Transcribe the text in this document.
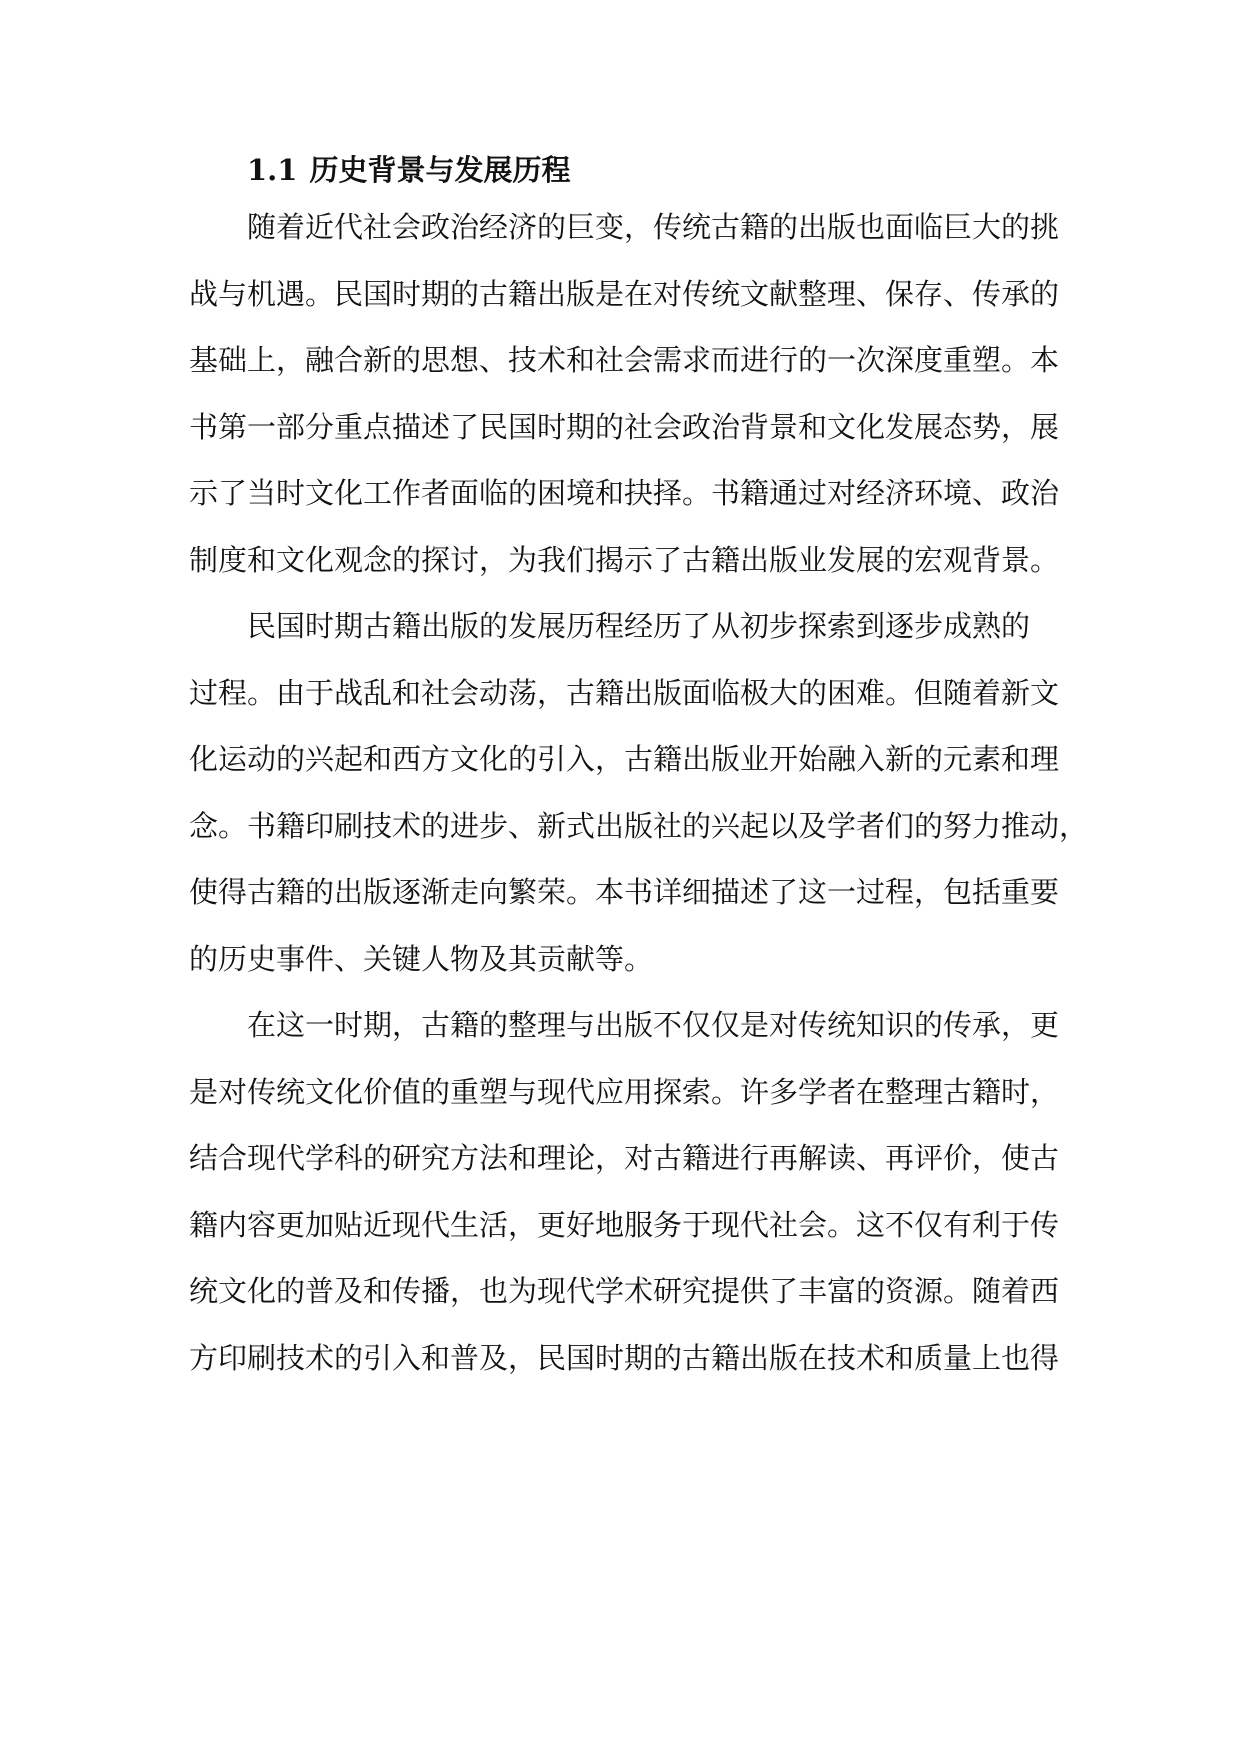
1.1 历史背景与发展历程
随着近代社会政治经济的巨变，传统古籍的出版也面临巨大的挑
战与机遇。民国时期的古籍出版是在对传统文献整理、保存、传承的
基础上，融合新的思想、技术和社会需求而进行的一次深度重塑。本
书第一部分重点描述了民国时期的社会政治背景和文化发展态势，展
示了当时文化工作者面临的困境和抉择。书籍通过对经济环境、政治
制度和文化观念的探讨，为我们揭示了古籍出版业发展的宏观背景。
民国时期古籍出版的发展历程经历了从初步探索到逐步成熟的
过程。由于战乱和社会动荡，古籍出版面临极大的困难。但随着新文
化运动的兴起和西方文化的引入，古籍出版业开始融入新的元素和理
念。书籍印刷技术的进步、新式出版社的兴起以及学者们的努力推动，
使得古籍的出版逐渐走向繁荣。本书详细描述了这一过程，包括重要
的历史事件、关键人物及其贡献等。
在这一时期，古籍的整理与出版不仅仅是对传统知识的传承，更
是对传统文化价值的重塑与现代应用探索。许多学者在整理古籍时，
结合现代学科的研究方法和理论，对古籍进行再解读、再评价，使古
籍内容更加贴近现代生活，更好地服务于现代社会。这不仅有利于传
统文化的普及和传播，也为现代学术研究提供了丰富的资源。随着西
方印刷技术的引入和普及，民国时期的古籍出版在技术和质量上也得
